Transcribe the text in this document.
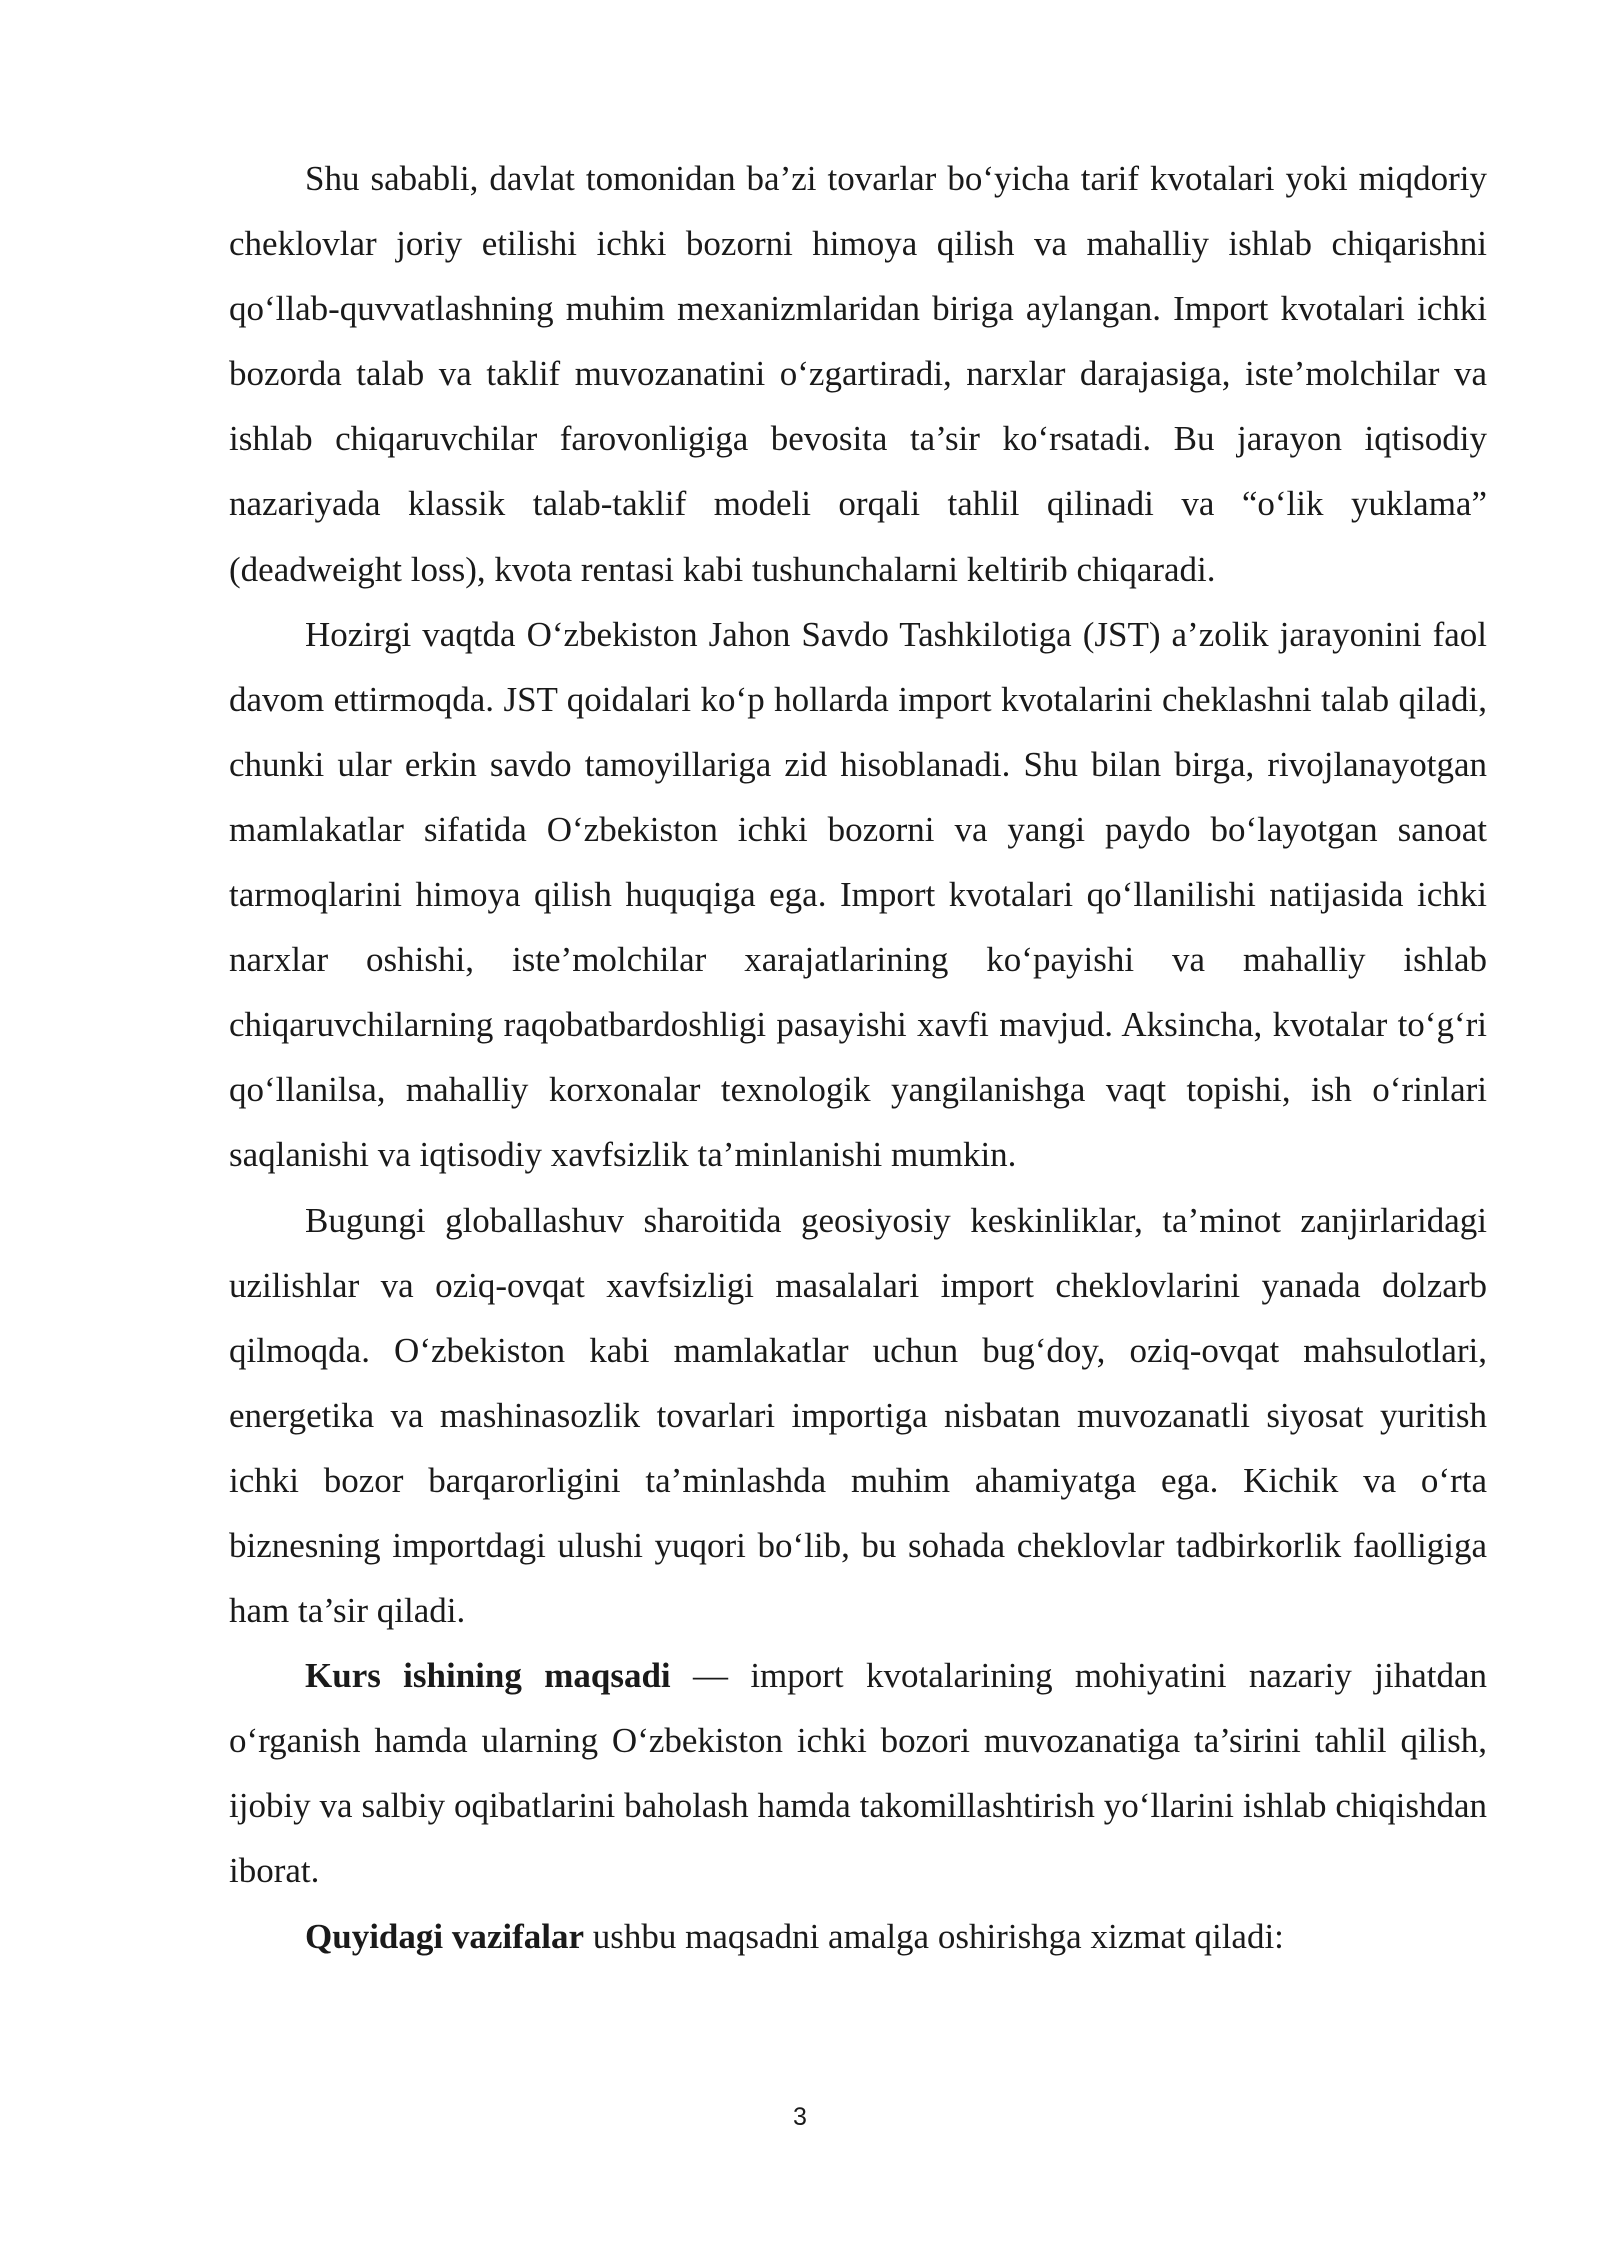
Shu sababli, davlat tomonidan ba’zi tovarlar bo‘yicha tarif kvotalari yoki miqdoriy cheklovlar joriy etilishi ichki bozorni himoya qilish va mahalliy ishlab chiqarishni qo‘llab-quvvatlashning muhim mexanizmlaridan biriga aylangan. Import kvotalari ichki bozorda talab va taklif muvozanatini o‘zgartiradi, narxlar darajasiga, iste’molchilar va ishlab chiqaruvchilar farovonligiga bevosita ta’sir ko‘rsatadi. Bu jarayon iqtisodiy nazariyada klassik talab-taklif modeli orqali tahlil qilinadi va “o‘lik yuklama” (deadweight loss), kvota rentasi kabi tushunchalarni keltirib chiqaradi.

Hozirgi vaqtda O‘zbekiston Jahon Savdo Tashkilotiga (JST) a’zolik jarayonini faol davom ettirmoqda. JST qoidalari ko‘p hollarda import kvotalarini cheklashni talab qiladi, chunki ular erkin savdo tamoyillariga zid hisoblanadi. Shu bilan birga, rivojlanayotgan mamlakatlar sifatida O‘zbekiston ichki bozorni va yangi paydo bo‘layotgan sanoat tarmoqlarini himoya qilish huquqiga ega. Import kvotalari qo‘llanilishi natijasida ichki narxlar oshishi, iste’molchilar xarajatlarining ko‘payishi va mahalliy ishlab chiqaruvchilarning raqobatbardoshligi pasayishi xavfi mavjud. Aksincha, kvotalar to‘g‘ri qo‘llanilsa, mahalliy korxonalar texnologik yangilanishga vaqt topishi, ish o‘rinlari saqlanishi va iqtisodiy xavfsizlik ta’minlanishi mumkin.

Bugungi globallashuv sharoitida geosiyosiy keskinliklar, ta’minot zanjirlaridagi uzilishlar va oziq-ovqat xavfsizligi masalalari import cheklovlarini yanada dolzarb qilmoqda. O‘zbekiston kabi mamlakatlar uchun bug‘doy, oziq-ovqat mahsulotlari, energetika va mashinasozlik tovarlari importiga nisbatan muvozanatli siyosat yuritish ichki bozor barqarorligini ta’minlashda muhim ahamiyatga ega. Kichik va o‘rta biznesning importdagi ulushi yuqori bo‘lib, bu sohada cheklovlar tadbirkorlik faolligiga ham ta’sir qiladi.

Kurs ishining maqsadi — import kvotalarining mohiyatini nazariy jihatdan o‘rganish hamda ularning O‘zbekiston ichki bozori muvozanatiga ta’sirini tahlil qilish, ijobiy va salbiy oqibatlarini baholash hamda takomillashtirish yo‘llarini ishlab chiqishdan iborat.

Quyidagi vazifalar ushbu maqsadni amalga oshirishga xizmat qiladi:

3
